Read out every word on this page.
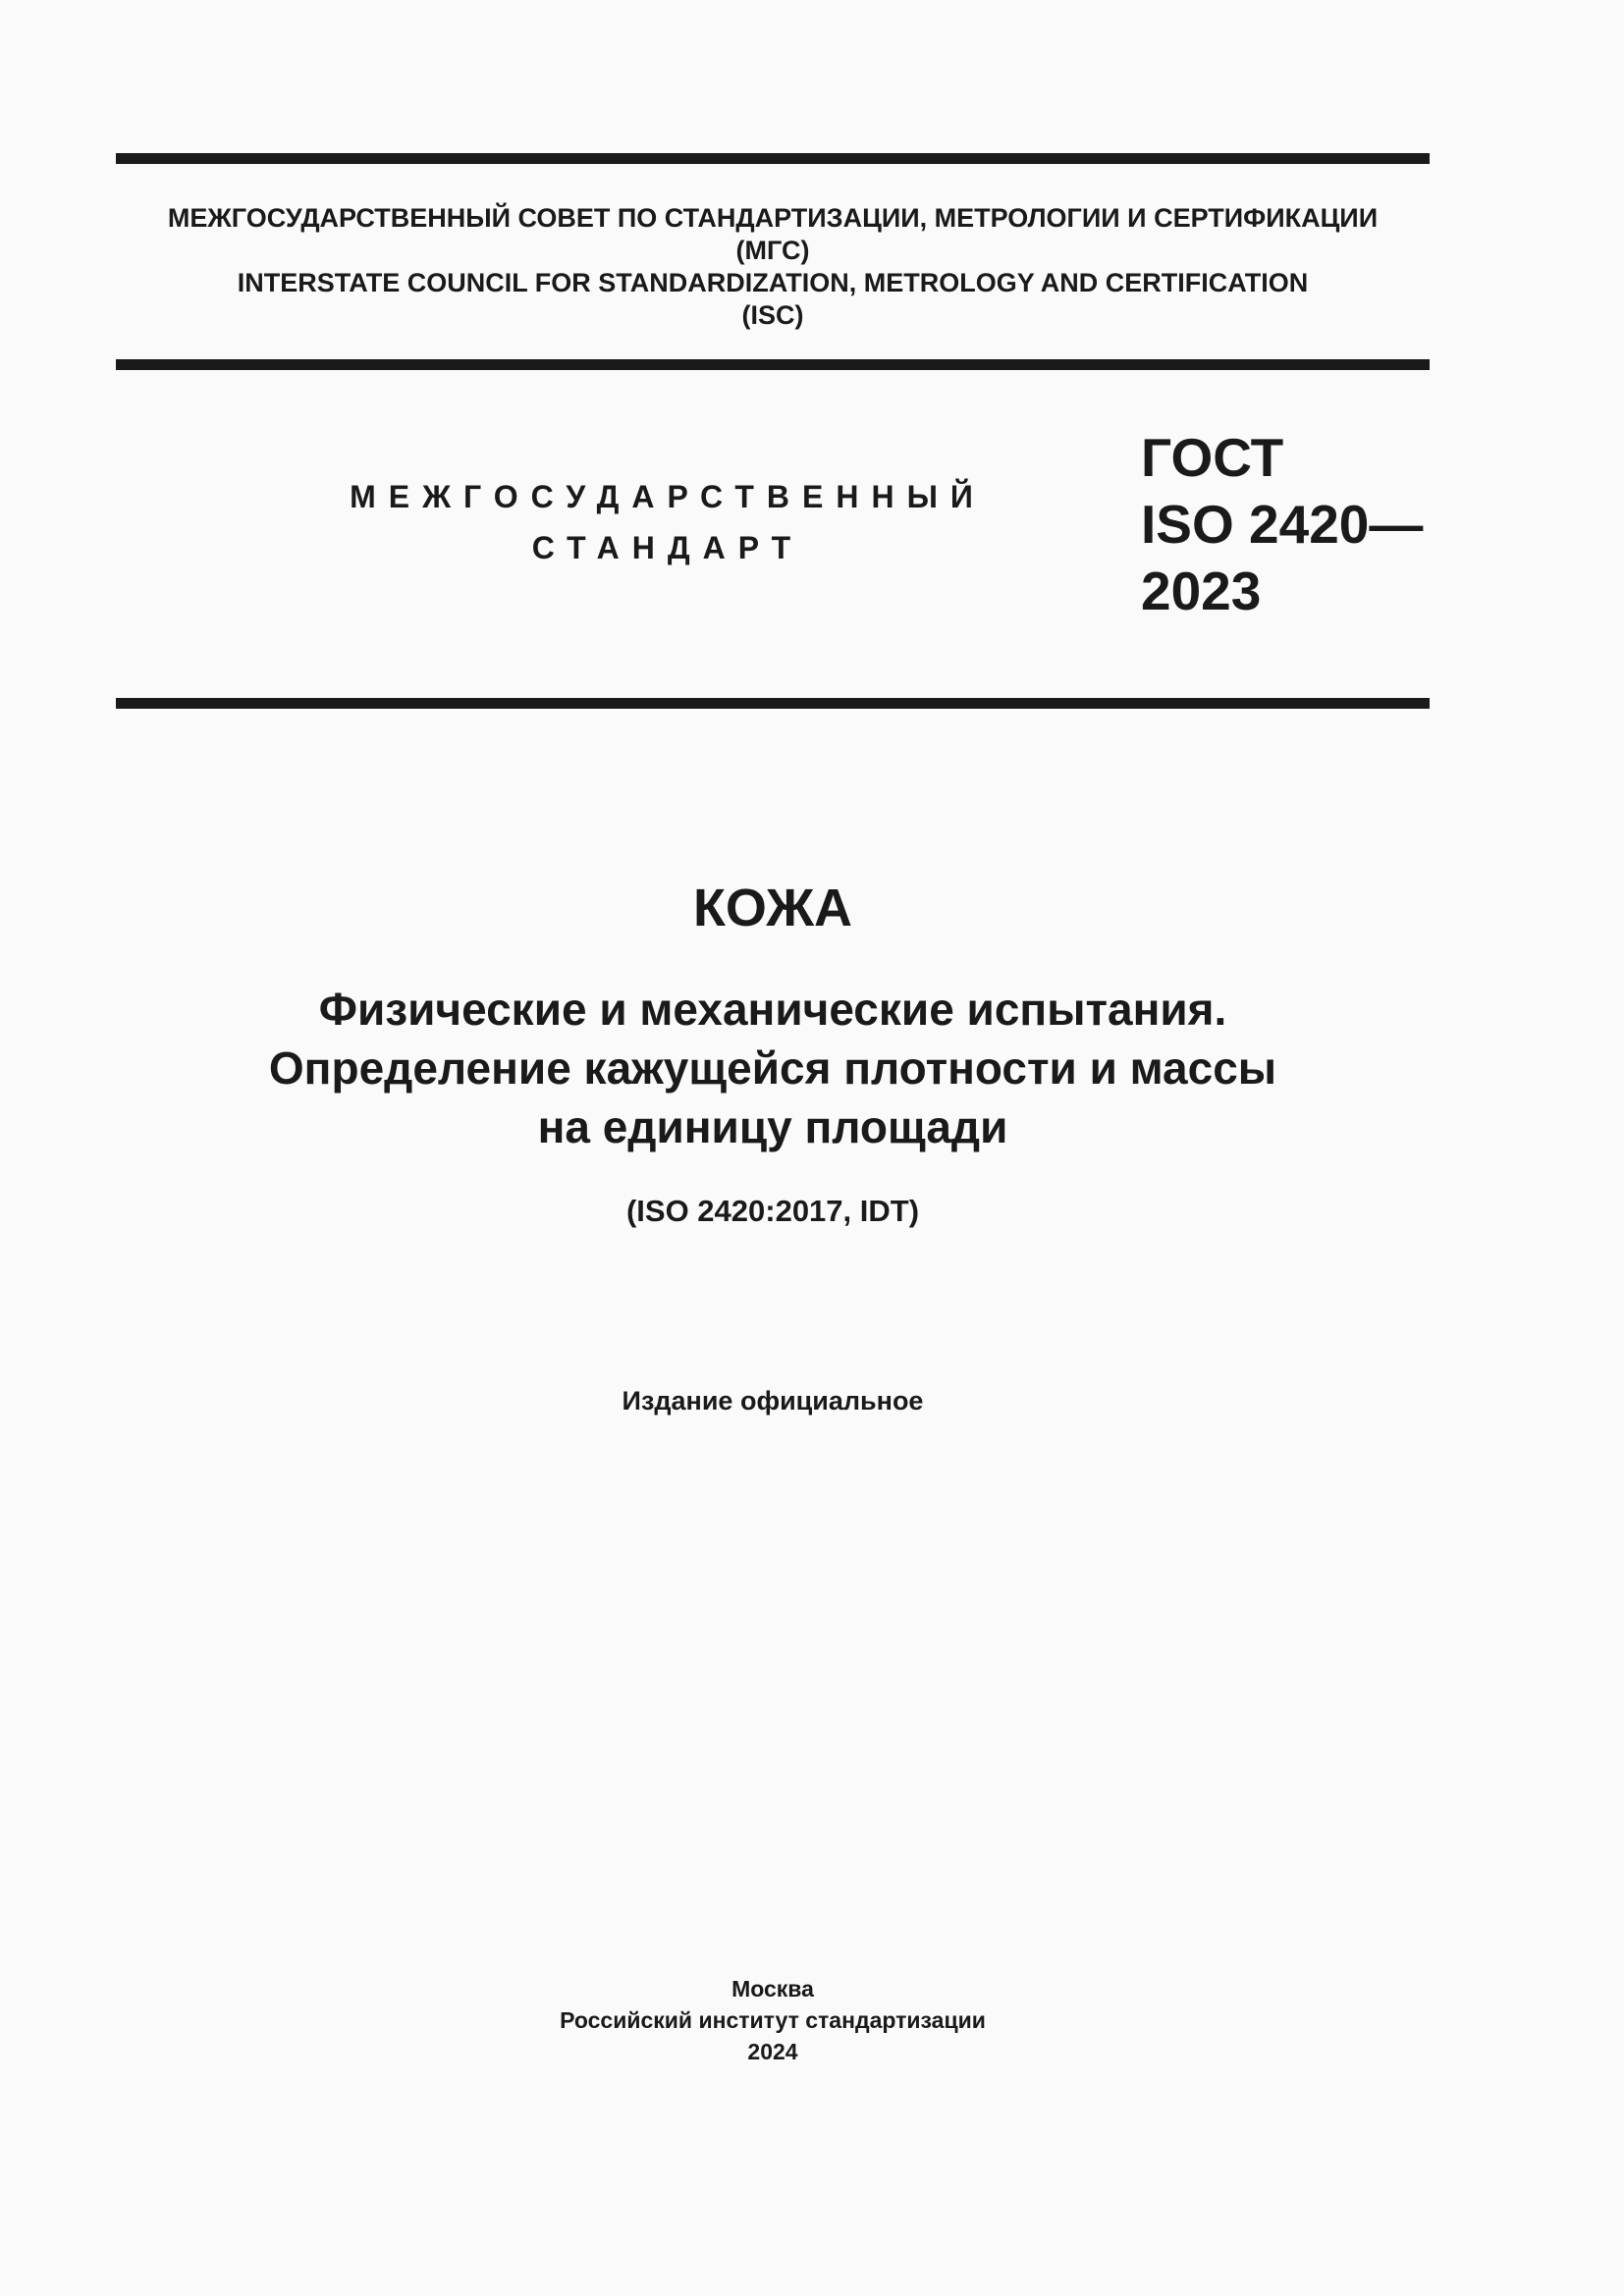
МЕЖГОСУДАРСТВЕННЫЙ СОВЕТ ПО СТАНДАРТИЗАЦИИ, МЕТРОЛОГИИ И СЕРТИФИКАЦИИ
(МГС)
INTERSTATE COUNCIL FOR STANDARDIZATION, METROLOGY AND CERTIFICATION
(ISC)
МЕЖГОСУДАРСТВЕННЫЙ
СТАНДАРТ
ГОСТ
ISO 2420—
2023
КОЖА
Физические и механические испытания.
Определение кажущейся плотности и массы
на единицу площади
(ISO 2420:2017, IDT)
Издание официальное
Москва
Российский институт стандартизации
2024
